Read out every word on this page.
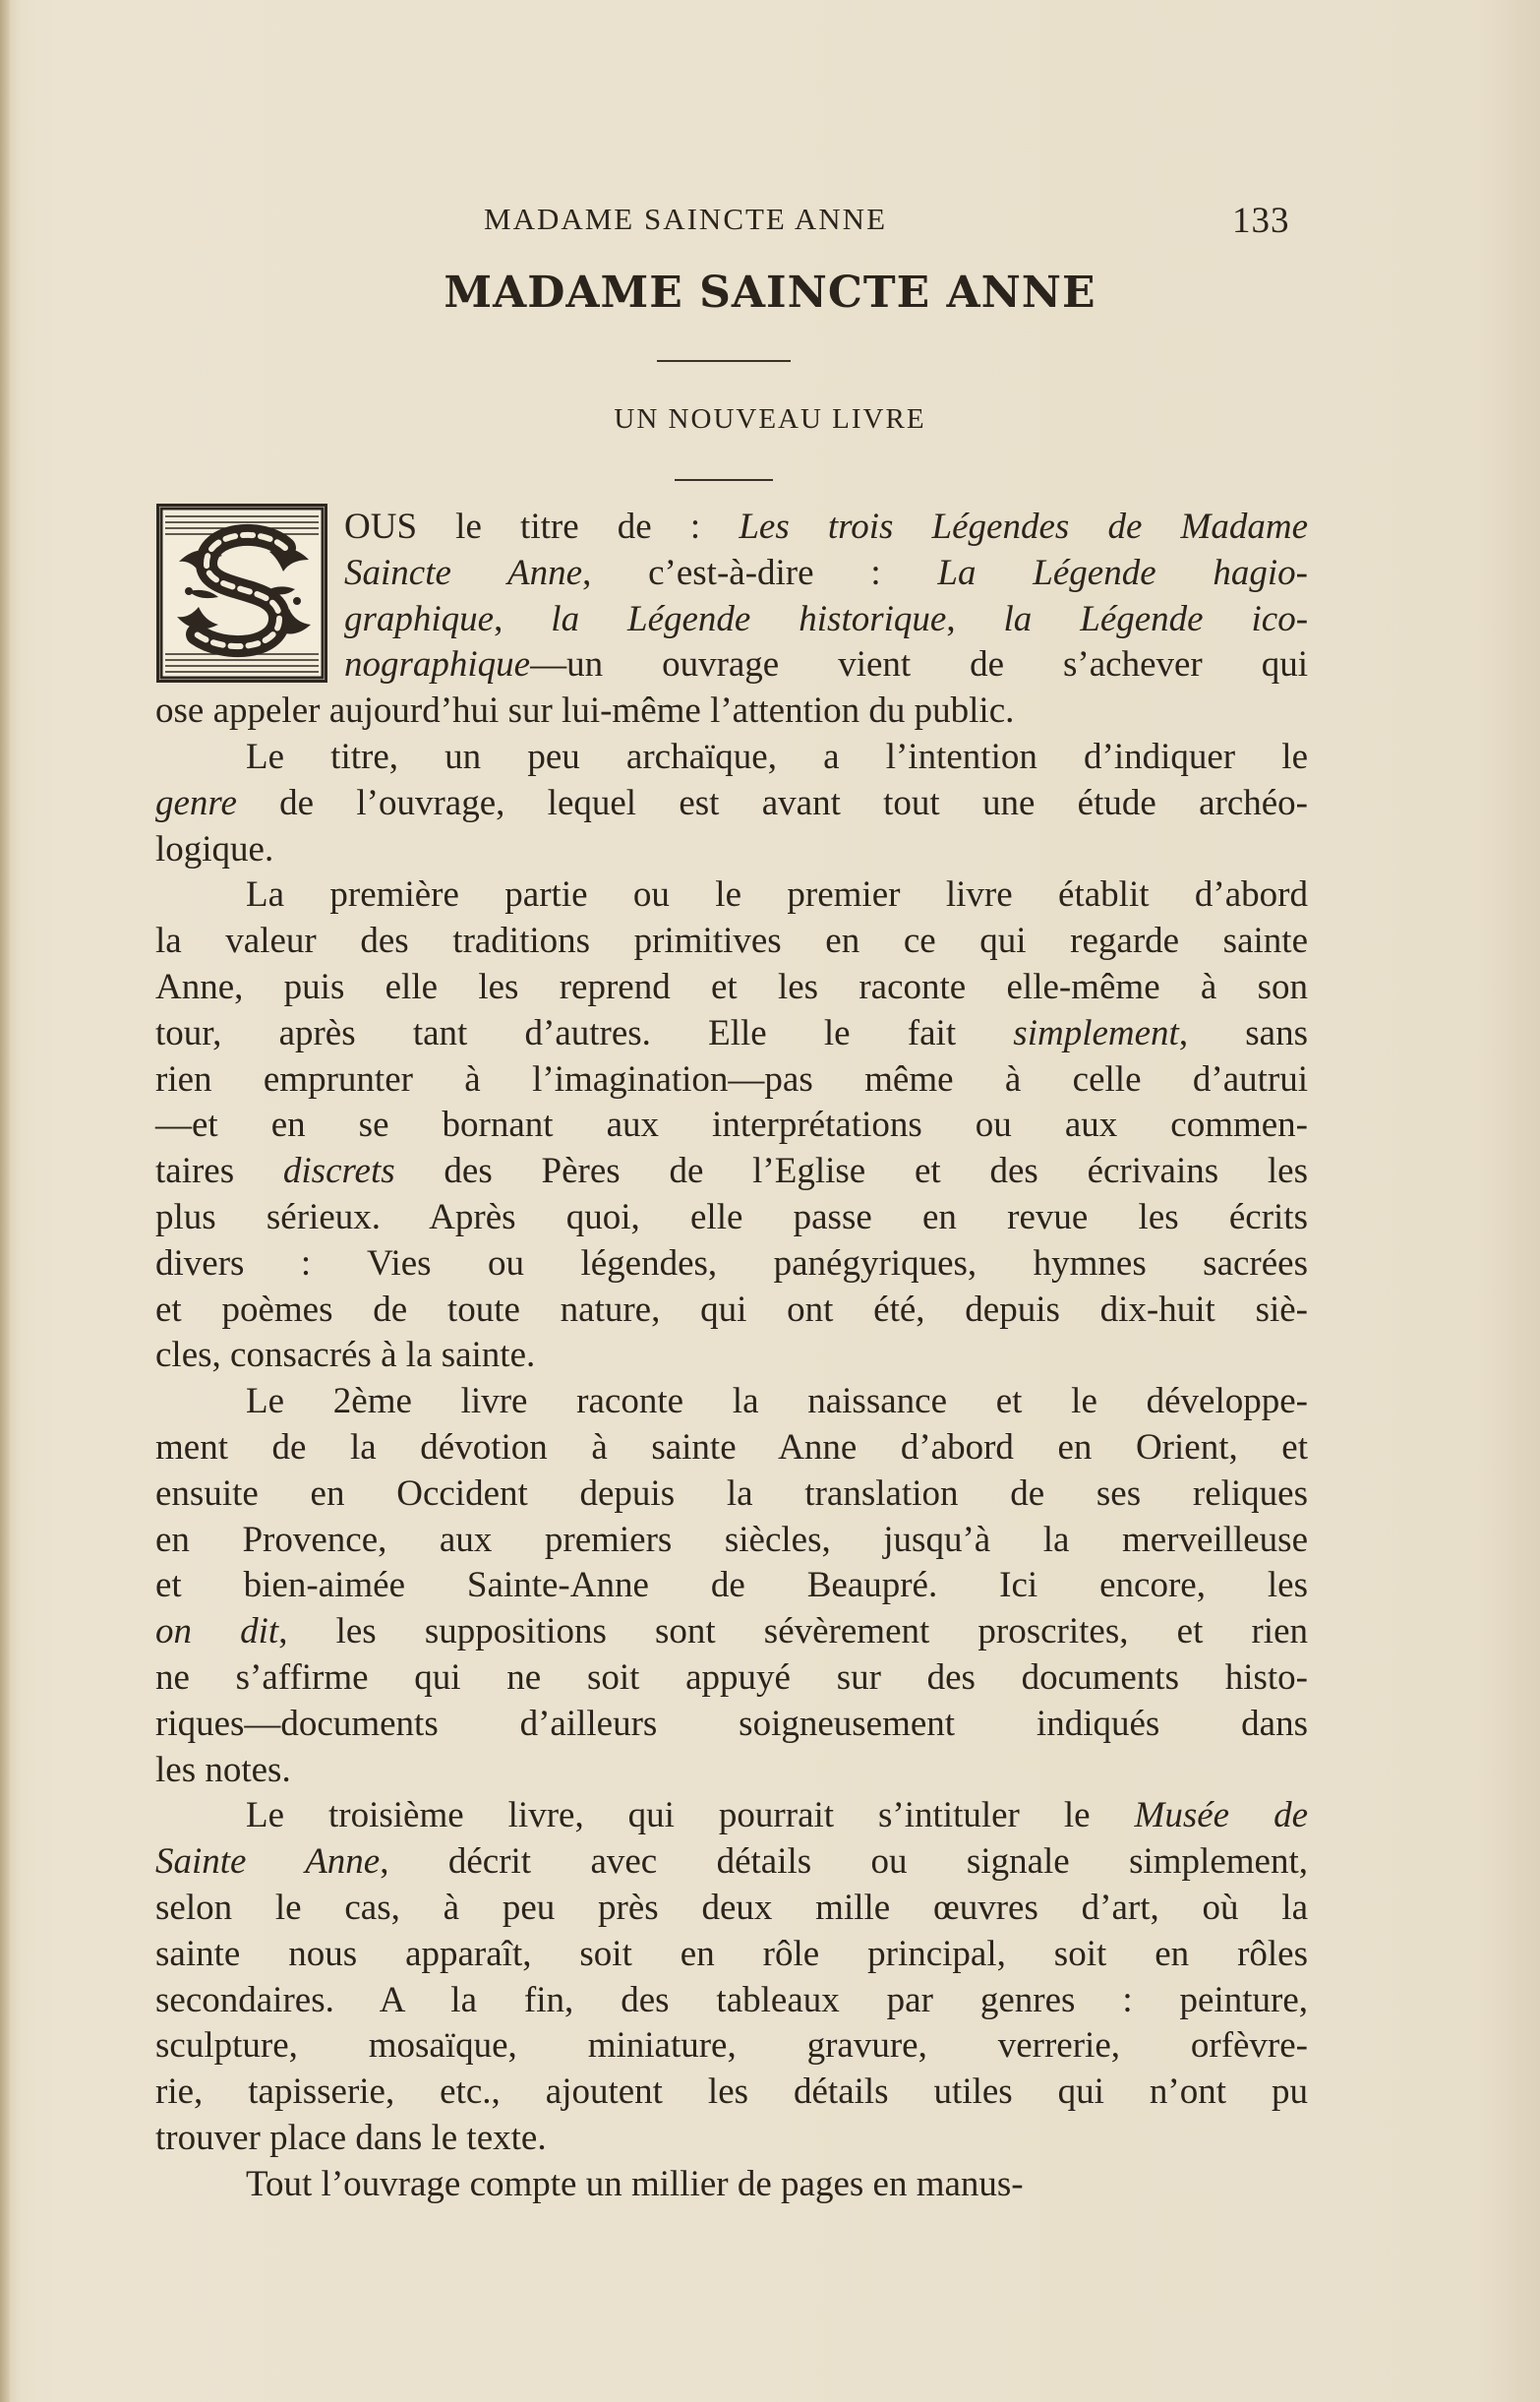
MADAME SAINCTE ANNE	133
MADAME SAINCTE ANNE
UN NOUVEAU LIVRE
OUS le titre de : Les trois Légendes de Madame
Saincte Anne, c’est-à-dire : La Légende hagio-
graphique, la Légende historique, la Légende ico-
nographique—un ouvrage vient de s’achever qui
ose appeler aujourd’hui sur lui-même l’attention du public.
Le titre, un peu archaïque, a l’intention d’indiquer le
genre de l’ouvrage, lequel est avant tout une étude archéo-
logique.
La première partie ou le premier livre établit d’abord
la valeur des traditions primitives en ce qui regarde sainte
Anne, puis elle les reprend et les raconte elle-même à son
tour, après tant d’autres. Elle le fait simplement, sans
rien emprunter à l’imagination—pas même à celle d’autrui
—et en se bornant aux interprétations ou aux commen-
taires discrets des Pères de l’Eglise et des écrivains les
plus sérieux. Après quoi, elle passe en revue les écrits
divers : Vies ou légendes, panégyriques, hymnes sacrées
et poèmes de toute nature, qui ont été, depuis dix-huit siè-
cles, consacrés à la sainte.
Le 2ème livre raconte la naissance et le développe-
ment de la dévotion à sainte Anne d’abord en Orient, et
ensuite en Occident depuis la translation de ses reliques
en Provence, aux premiers siècles, jusqu’à la merveilleuse
et bien-aimée Sainte-Anne de Beaupré. Ici encore, les
on dit, les suppositions sont sévèrement proscrites, et rien
ne s’affirme qui ne soit appuyé sur des documents histo-
riques—documents d’ailleurs soigneusement indiqués dans
les notes.
Le troisième livre, qui pourrait s’intituler le Musée de
Sainte Anne, décrit avec détails ou signale simplement,
selon le cas, à peu près deux mille œuvres d’art, où la
sainte nous apparaît, soit en rôle principal, soit en rôles
secondaires. A la fin, des tableaux par genres : peinture,
sculpture, mosaïque, miniature, gravure, verrerie, orfèvre-
rie, tapisserie, etc., ajoutent les détails utiles qui n’ont pu
trouver place dans le texte.
Tout l’ouvrage compte un millier de pages en manus-
